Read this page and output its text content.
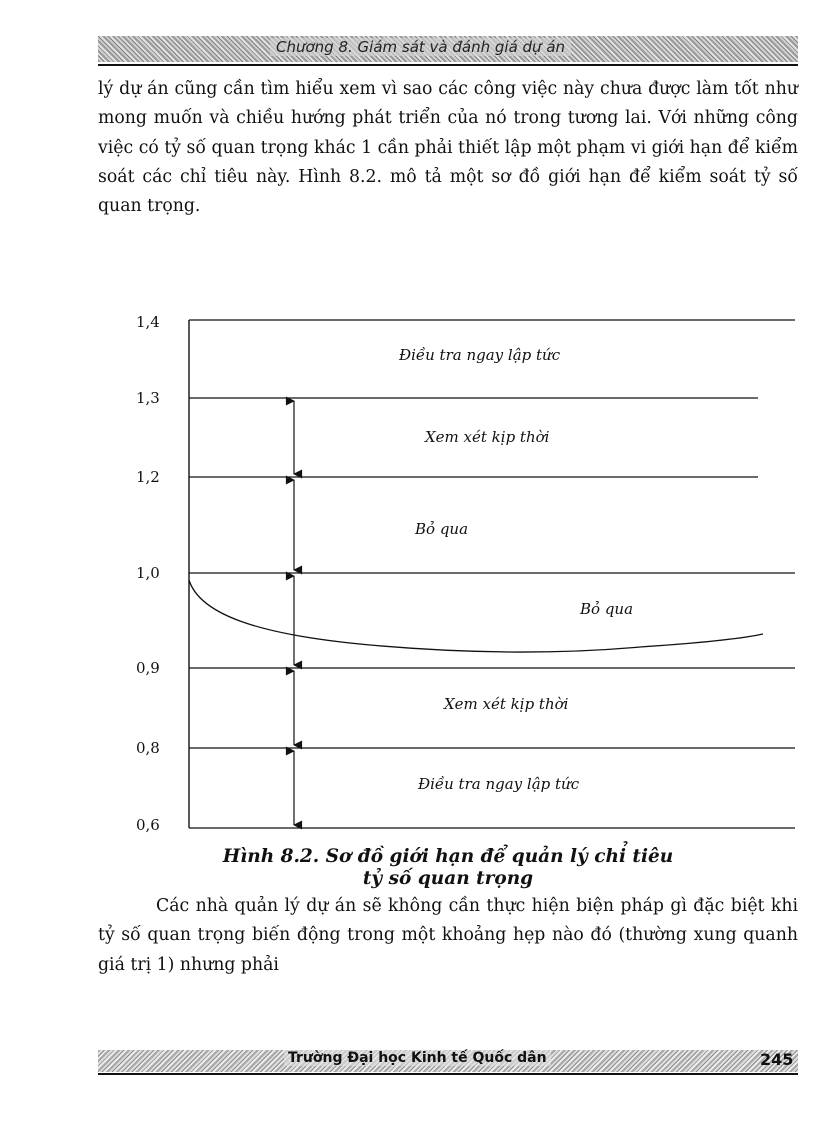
Chương 8. Giám sát và đánh giá dự án

lý dự án cũng cần tìm hiểu xem vì sao các công việc này chưa được làm tốt như mong muốn và chiều hướng phát triển của nó trong tương lai. Với những công việc có tỷ số quan trọng khác 1 cần phải thiết lập một phạm vi giới hạn để kiểm soát các chỉ tiêu này. Hình 8.2. mô tả một sơ đồ giới hạn để kiểm soát tỷ số quan trọng.

1,4
1,3
1,2
1,0
0,9
0,8
0,6
Điều tra ngay lập tức
Xem xét kịp thời
Bỏ qua
Bỏ qua
Xem xét kịp thời
Điều tra ngay lập tức
Hình 8.2. Sơ đồ giới hạn để quản lý chỉ tiêu
tỷ số quan trọng

Các nhà quản lý dự án sẽ không cần thực hiện biện pháp gì đặc biệt khi tỷ số quan trọng biến động trong một khoảng hẹp nào đó (thường xung quanh giá trị 1) nhưng phải

Trường Đại học Kinh tế Quốc dân	245
